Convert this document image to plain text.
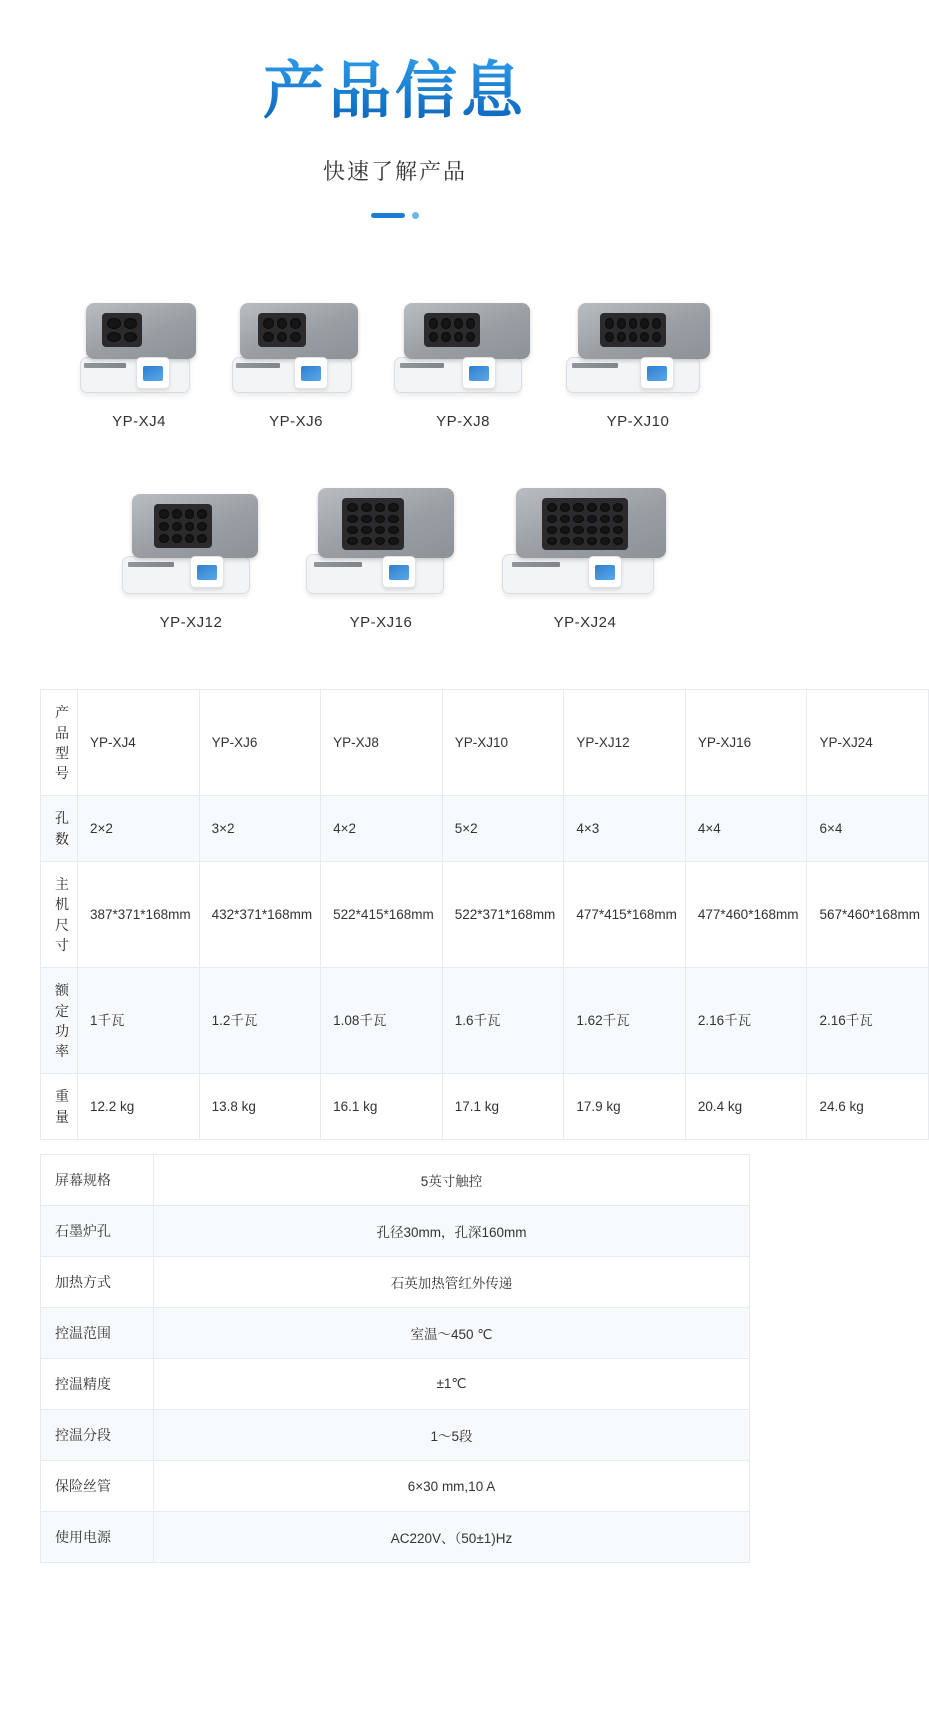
产品信息
快速了解产品
YP-XJ4	YP-XJ6	YP-XJ8	YP-XJ10
YP-XJ12	YP-XJ16	YP-XJ24
产品型号	YP-XJ4	YP-XJ6	YP-XJ8	YP-XJ10	YP-XJ12	YP-XJ16	YP-XJ24
孔数	2×2	3×2	4×2	5×2	4×3	4×4	6×4
主机尺寸	387*371*168mm	432*371*168mm	522*415*168mm	522*371*168mm	477*415*168mm	477*460*168mm	567*460*168mm
额定功率	1千瓦	1.2千瓦	1.08千瓦	1.6千瓦	1.62千瓦	2.16千瓦	2.16千瓦
重量	12.2 kg	13.8 kg	16.1 kg	17.1 kg	17.9 kg	20.4 kg	24.6 kg
屏幕规格	5英寸触控
石墨炉孔	孔径30mm，孔深160mm
加热方式	石英加热管红外传递
控温范围	室温～450 ℃
控温精度	±1℃
控温分段	1～5段
保险丝管	6×30 mm,10 A
使用电源	AC220V、（50±1)Hz
